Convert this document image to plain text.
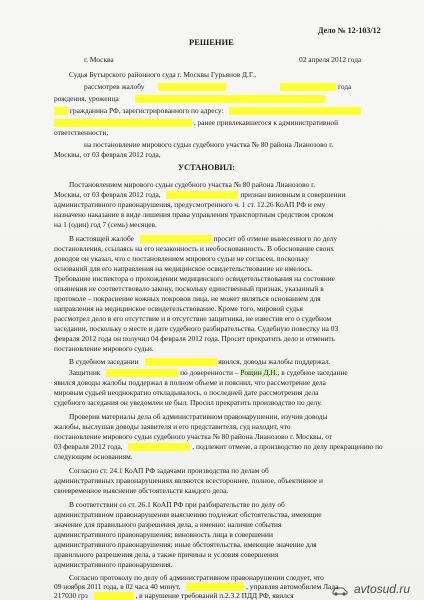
Дело № 12-103/12
РЕШЕНИЕ
г. Москва	02 апреля 2012 года
Судья Бутырского районного суда г. Москвы Гурьянов Д.Г.,
рассмотрев жалобу	года
рождения, уроженца
гражданина РФ, зарегистрированного по адресу:
, ранее привлекавшегося к административной
ответственности,
на постановление мирового судьи судебного участка № 80 района Лианозово г.
Москвы, от 03 февраля 2012 года,
УСТАНОВИЛ:
Постановлением мирового судьи судебного участка № 80 района Лианозово г.
Москвы, от 03 февраля 2012 года,	признан виновным в совершении
административного правонарушения, предусмотренного ч. 1 ст. 12.26 КоАП РФ и ему
назначено наказание в виде лишения права управления транспортным средством сроком
на 1 (один) год 7 (семь) месяцев.
В настоящей жалобе	просит об отмене вынесенного по делу
постановления, ссылаясь на его незаконность и необоснованность. В обоснование своих
доводов он указал, что с постановлением мирового судьи не согласен, поскольку
оснований для его направления на медицинское освидетельствование не имелось.
Требование инспектора о прохождении медицинского освидетельствования на состояние
опьянения не соответствовало закону, поскольку единственный признак, указанный в
протоколе – покраснение кожных покровов лица, не может являться основанием для
направления на медицинское освидетельствование. Кроме того, мировой судья
рассмотрел дело в его отсутствие и в отсутствие защитника, не известив его о судебном
заседании, поскольку о месте и дате судебного разбирательства. Судебную повестку на 03
февраля 2012 года он получил 04 февраля 2012 года. Просит прекратить дело и отменить
постановление мирового судьи.
В судебном заседании	явился, доводы жалобы поддержал.
Защитник	по доверенности – Рощин Д.Н., в судебное заседание
явился доводы жалобы поддержал в полном объеме и пояснил, что рассмотрение дела
мировым судьей неоднократно откладывалось, о последней дате рассмотрения дела
судебного заседания он уведомлен не был. Просил прекратить производство по делу.
Проверив материалы дела об административном правонарушении, изучив доводы
жалобы, выслушав доводы заявителя и его представителя, суд находит, что
постановление мирового судьи судебного участка № 80 района Лианозово г. Москвы, от
03 февраля 2012 года,	, подлежит отмене, а производство по делу прекращению по
следующим основаниям.
Согласно ст. 24.1 КоАП РФ задачами производства по делам об
административных правонарушениях являются всестороннее, полное, объективное и
своевременное выяснение обстоятельств каждого дела.
В соответствии со ст. 26.1 КоАП РФ при разбирательстве по делу об
административном правонарушении выяснению подлежат обстоятельства, имеющие
значение для правильного разрешения дела, а именно: наличие события
административного правонарушения; виновность лица в совершении
административного правонарушения; иные обстоятельства, имеющие значение для
правильного разрешения дела, а также причины и условия совершения
административного правонарушения.
Согласно протоколу по делу об административном правонарушении следует, что
09 ноября 2011 года, в 02 часа 40 минут,	, управляя автомобилем Лада
217030 грз	, в нарушение требований п.2.3.2 ПДД РФ, явился	avtosud.ru
